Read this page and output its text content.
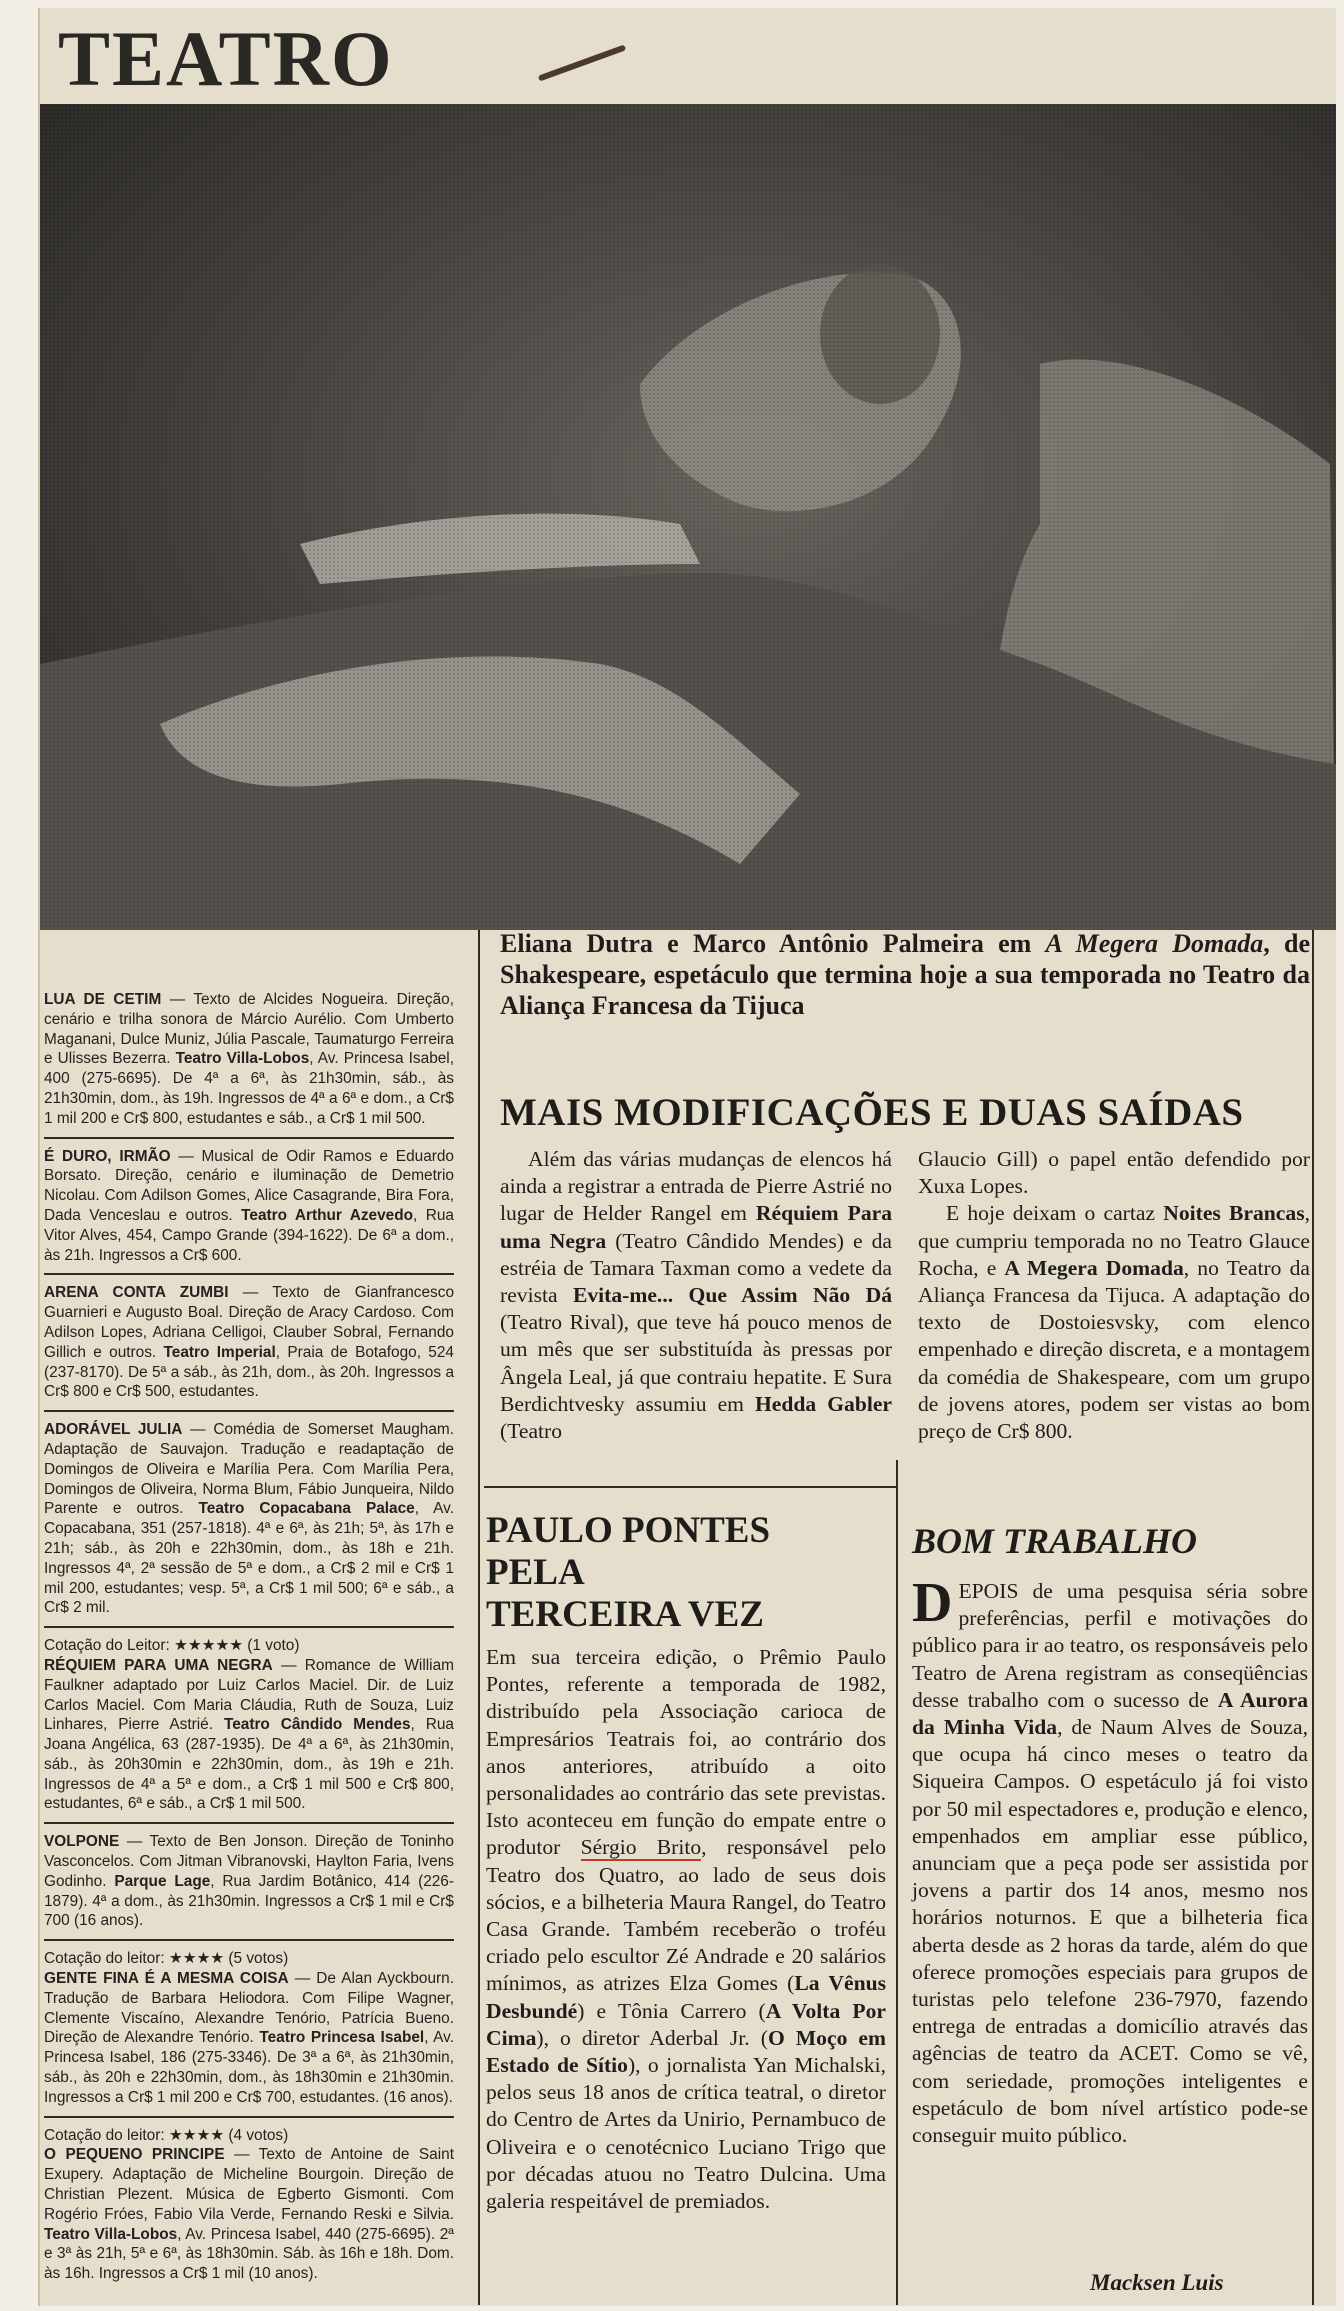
TEATRO
Eliana Dutra e Marco Antônio Palmeira em A Megera Domada, de Shakespeare, espetáculo que termina hoje a sua temporada no Teatro da Aliança Francesa da Tijuca
LUA DE CETIM — Texto de Alcides Nogueira. Direção, cenário e trilha sonora de Márcio Aurélio. Com Umberto Maganani, Dulce Muniz, Júlia Pascale, Taumaturgo Ferreira e Ulisses Bezerra. Teatro Villa-Lobos, Av. Princesa Isabel, 400 (275-6695). De 4ª a 6ª, às 21h30min, sáb., às 21h30min, dom., às 19h. Ingressos de 4ª a 6ª e dom., a Cr$ 1 mil 200 e Cr$ 800, estudantes e sáb., a Cr$ 1 mil 500.
É DURO, IRMÃO — Musical de Odir Ramos e Eduardo Borsato. Direção, cenário e iluminação de Demetrio Nicolau. Com Adilson Gomes, Alice Casagrande, Bira Fora, Dada Venceslau e outros. Teatro Arthur Azevedo, Rua Vitor Alves, 454, Campo Grande (394-1622). De 6ª a dom., às 21h. Ingressos a Cr$ 600.
ARENA CONTA ZUMBI — Texto de Gianfrancesco Guarnieri e Augusto Boal. Direção de Aracy Cardoso. Com Adilson Lopes, Adriana Celligoi, Clauber Sobral, Fernando Gillich e outros. Teatro Imperial, Praia de Botafogo, 524 (237-8170). De 5ª a sáb., às 21h, dom., às 20h. Ingressos a Cr$ 800 e Cr$ 500, estudantes.
ADORÁVEL JULIA — Comédia de Somerset Maugham. Adaptação de Sauvajon. Tradução e readaptação de Domingos de Oliveira e Marília Pera. Com Marília Pera, Domingos de Oliveira, Norma Blum, Fábio Junqueira, Nildo Parente e outros. Teatro Copacabana Palace, Av. Copacabana, 351 (257-1818). 4ª e 6ª, às 21h; 5ª, às 17h e 21h; sáb., às 20h e 22h30min, dom., às 18h e 21h. Ingressos 4ª, 2ª sessão de 5ª e dom., a Cr$ 2 mil e Cr$ 1 mil 200, estudantes; vesp. 5ª, a Cr$ 1 mil 500; 6ª e sáb., a Cr$ 2 mil.
Cotação do Leitor: ★★★★★ (1 voto)
RÉQUIEM PARA UMA NEGRA — Romance de William Faulkner adaptado por Luiz Carlos Maciel. Dir. de Luiz Carlos Maciel. Com Maria Cláudia, Ruth de Souza, Luiz Linhares, Pierre Astrié. Teatro Cândido Mendes, Rua Joana Angélica, 63 (287-1935). De 4ª a 6ª, às 21h30min, sáb., às 20h30min e 22h30min, dom., às 19h e 21h. Ingressos de 4ª a 5ª e dom., a Cr$ 1 mil 500 e Cr$ 800, estudantes, 6ª e sáb., a Cr$ 1 mil 500.
VOLPONE — Texto de Ben Jonson. Direção de Toninho Vasconcelos. Com Jitman Vibranovski, Haylton Faria, Ivens Godinho. Parque Lage, Rua Jardim Botânico, 414 (226-1879). 4ª a dom., às 21h30min. Ingressos a Cr$ 1 mil e Cr$ 700 (16 anos).
Cotação do leitor: ★★★★ (5 votos)
GENTE FINA É A MESMA COISA — De Alan Ayckbourn. Tradução de Barbara Heliodora. Com Filipe Wagner, Clemente Viscaíno, Alexandre Tenório, Patrícia Bueno. Direção de Alexandre Tenório. Teatro Princesa Isabel, Av. Princesa Isabel, 186 (275-3346). De 3ª a 6ª, às 21h30min, sáb., às 20h e 22h30min, dom., às 18h30min e 21h30min. Ingressos a Cr$ 1 mil 200 e Cr$ 700, estudantes. (16 anos).
Cotação do leitor: ★★★★ (4 votos)
O PEQUENO PRINCIPE — Texto de Antoine de Saint Exupery. Adaptação de Micheline Bourgoin. Direção de Christian Plezent. Música de Egberto Gismonti. Com Rogério Fróes, Fabio Vila Verde, Fernando Reski e Silvia. Teatro Villa-Lobos, Av. Princesa Isabel, 440 (275-6695). 2ª e 3ª às 21h, 5ª e 6ª, às 18h30min. Sáb. às 16h e 18h. Dom. às 16h. Ingressos a Cr$ 1 mil (10 anos).
MAIS MODIFICAÇÕES E DUAS SAÍDAS

Além das várias mudanças de elencos há ainda a registrar a entrada de Pierre Astrié no lugar de Helder Rangel em Réquiem Para uma Negra (Teatro Cândido Mendes) e da estréia de Tamara Taxman como a vedete da revista Evita-me... Que Assim Não Dá (Teatro Rival), que teve há pouco menos de um mês que ser substituída às pressas por Ângela Leal, já que contraiu hepatite. E Sura Berdichtvesky assumiu em Hedda Gabler (Teatro

Glaucio Gill) o papel então defendido por Xuxa Lopes.

E hoje deixam o cartaz Noites Brancas, que cumpriu temporada no no Teatro Glauce Rocha, e A Megera Domada, no Teatro da Aliança Francesa da Tijuca. A adaptação do texto de Dostoiesvsky, com elenco empenhado e direção discreta, e a montagem da comédia de Shakespeare, com um grupo de jovens atores, podem ser vistas ao bom preço de Cr$ 800.

PAULO PONTES
PELA
TERCEIRA VEZ

Em sua terceira edição, o Prêmio Paulo Pontes, referente a temporada de 1982, distribuído pela Associação carioca de Empresários Teatrais foi, ao contrário dos anos anteriores, atribuído a oito personalidades ao contrário das sete previstas. Isto aconteceu em função do empate entre o produtor Sérgio Brito, responsável pelo Teatro dos Quatro, ao lado de seus dois sócios, e a bilheteria Maura Rangel, do Teatro Casa Grande. Também receberão o troféu criado pelo escultor Zé Andrade e 20 salários mínimos, as atrizes Elza Gomes (La Vênus Desbundé) e Tônia Carrero (A Volta Por Cima), o diretor Aderbal Jr. (O Moço em Estado de Sítio), o jornalista Yan Michalski, pelos seus 18 anos de crítica teatral, o diretor do Centro de Artes da Unirio, Pernambuco de Oliveira e o cenotécnico Luciano Trigo que por décadas atuou no Teatro Dulcina. Uma galeria respeitável de premiados.

BOM TRABALHO
DEPOIS de uma pesquisa séria sobre preferências, perfil e motivações do público para ir ao teatro, os responsáveis pelo Teatro de Arena registram as conseqüências desse trabalho com o sucesso de A Aurora da Minha Vida, de Naum Alves de Souza, que ocupa há cinco meses o teatro da Siqueira Campos. O espetáculo já foi visto por 50 mil espectadores e, produção e elenco, empenhados em ampliar esse público, anunciam que a peça pode ser assistida por jovens a partir dos 14 anos, mesmo nos horários noturnos. E que a bilheteria fica aberta desde as 2 horas da tarde, além do que oferece promoções especiais para grupos de turistas pelo telefone 236-7970, fazendo entrega de entradas a domicílio através das agências de teatro da ACET. Como se vê, com seriedade, promoções inteligentes e espetáculo de bom nível artístico pode-se conseguir muito público.
Macksen Luis
